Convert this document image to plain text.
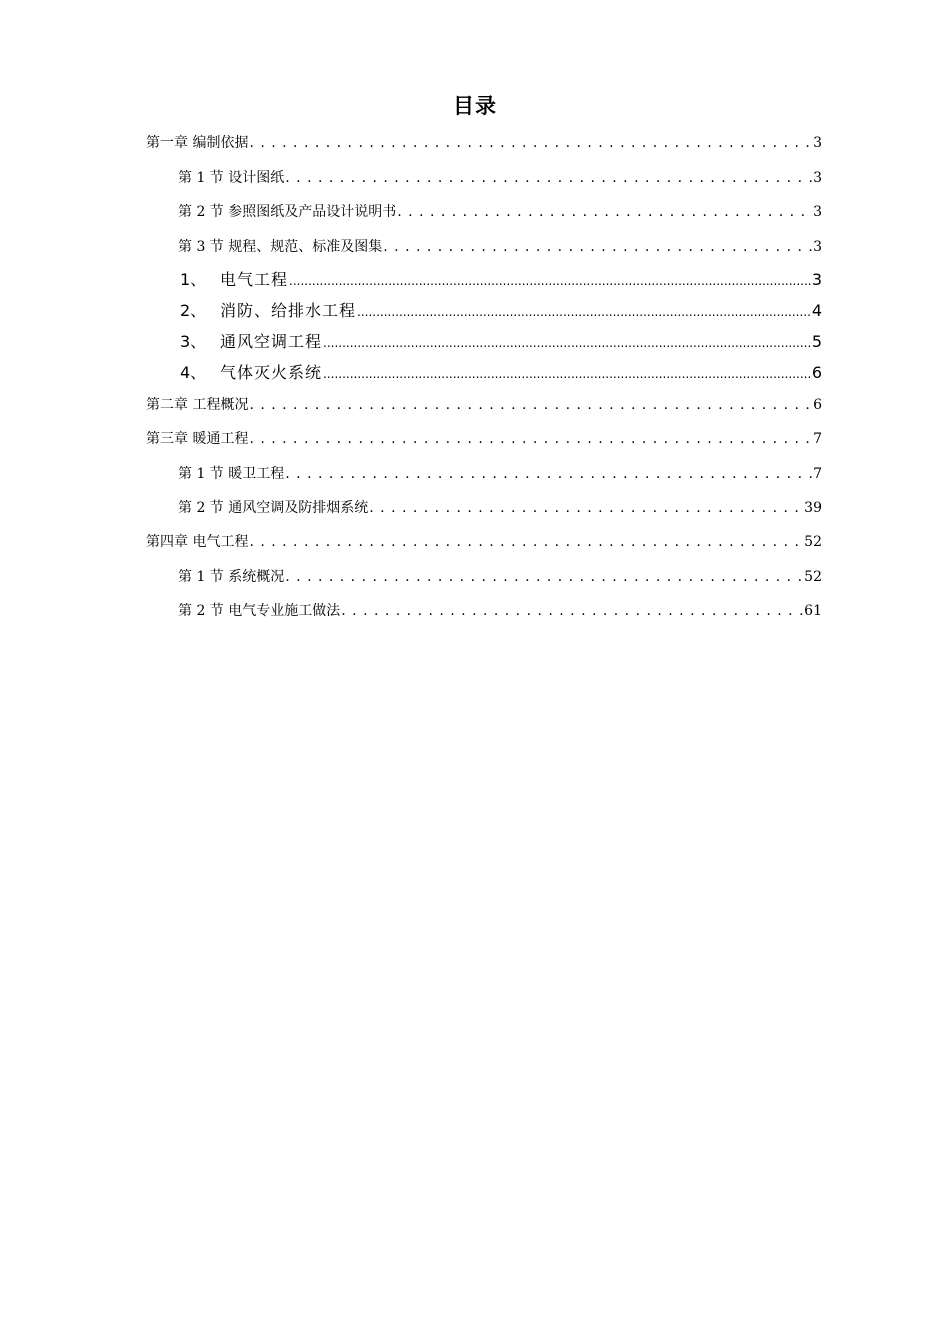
目录
第一章 编制依据 . . .	3
第 1 节 设计图纸 . . .	3
第 2 节 参照图纸及产品设计说明书 . . .	3
第 3 节 规程、规范、标准及图集 . . .	3
1、 电气工程 .....	3
2、 消防、给排水工程 .....	4
3、 通风空调工程 .....	5
4、 气体灭火系统 .....	6
第二章 工程概况 . . .	6
第三章 暖通工程 . . .	7
第 1 节 暖卫工程 . . .	7
第 2 节 通风空调及防排烟系统 . . .	39
第四章 电气工程 . . .	52
第 1 节 系统概况 . . .	52
第 2 节 电气专业施工做法 . . .	61
